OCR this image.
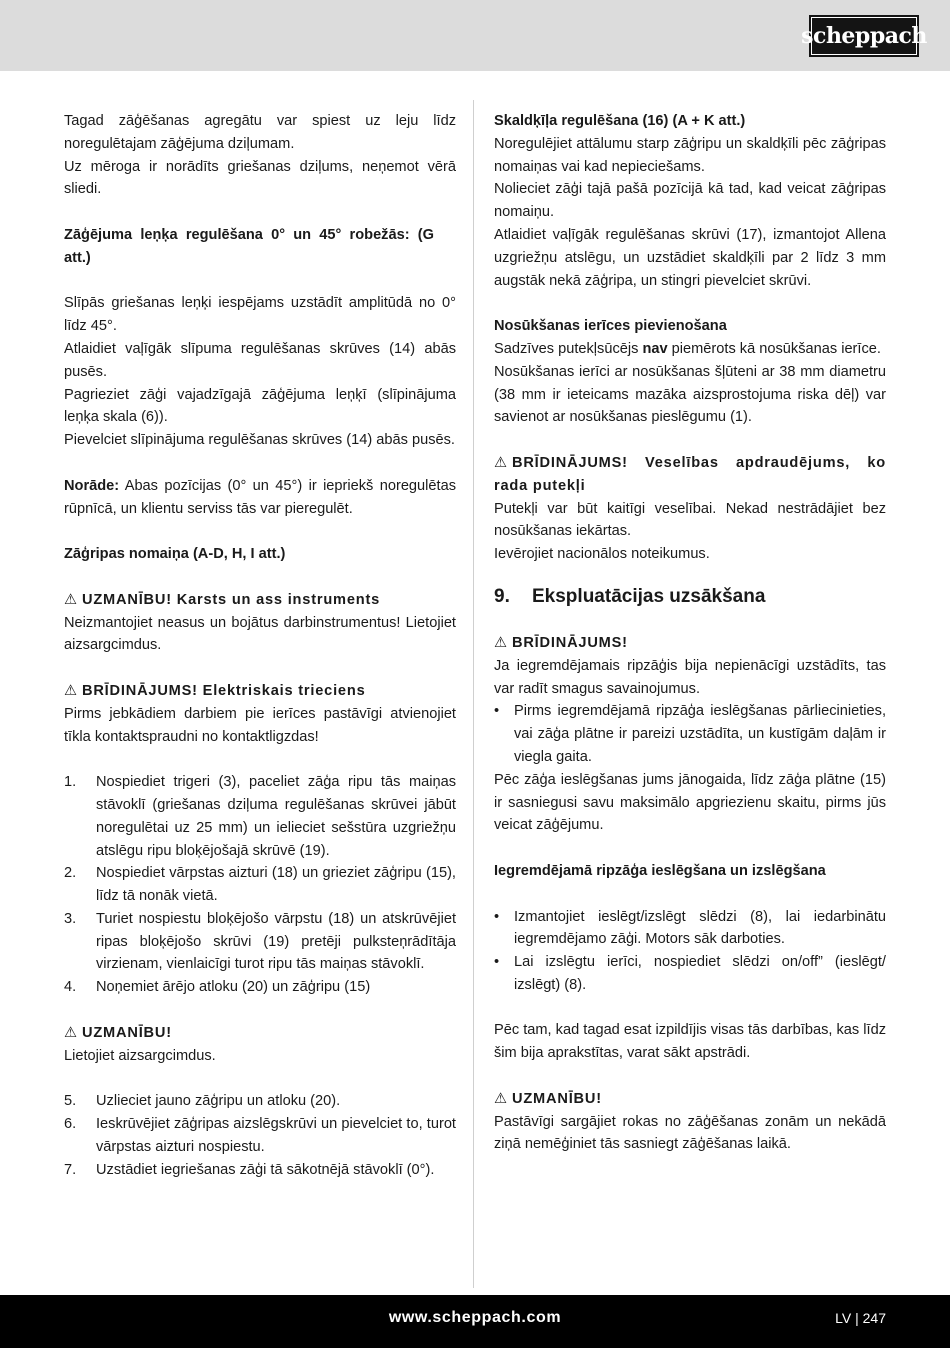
scheppach

Tagad zāģēšanas agregātu var spiest uz leju līdz noregulētajam zāģējuma dziļumam.

Uz mēroga ir norādīts griešanas dziļums, neņemot vērā sliedi.

Zāģējuma leņķa regulēšana 0° un 45° robežās: (G att.)

Slīpās griešanas leņķi iespējams uzstādīt amplitūdā no 0° līdz 45°.

Atlaidiet vaļīgāk slīpuma regulēšanas skrūves (14) abās pusēs.

Pagrieziet zāģi vajadzīgajā zāģējuma leņķī (slīpinājuma leņķa skala (6)).

Pievelciet slīpinājuma regulēšanas skrūves (14) abās pusēs.

Norāde: Abas pozīcijas (0° un 45°) ir iepriekš noregulētas rūpnīcā, un klientu serviss tās var pieregulēt.

Zāģripas nomaiņa (A-D, H, I att.)

⚠ UZMANĪBU! Karsts un ass instruments

Neizmantojiet neasus un bojātus darbinstrumentus! Lietojiet aizsargcimdus.

⚠ BRĪDINĀJUMS! Elektriskais trieciens

Pirms jebkādiem darbiem pie ierīces pastāvīgi atvienojiet tīkla kontaktspraudni no kontaktligzdas!

1.	Nospiediet trigeri (3), paceliet zāģa ripu tās maiņas stāvoklī (griešanas dziļuma regulēšanas skrūvei jābūt noregulētai uz 25 mm) un ielieciet sešstūra uzgriežņu atslēgu ripu bloķējošajā skrūvē (19).
2.	Nospiediet vārpstas aizturi (18) un grieziet zāģripu (15), līdz tā nonāk vietā.
3.	Turiet nospiestu bloķējošo vārpstu (18) un atskrūvējiet ripas bloķējošo skrūvi (19) pretēji pulksteņrādītāja virzienam, vienlaicīgi turot ripu tās maiņas stāvoklī.
4.	Noņemiet ārējo atloku (20) un zāģripu (15)

⚠ UZMANĪBU!

Lietojiet aizsargcimdus.

5.	Uzlieciet jauno zāģripu un atloku (20).
6.	Ieskrūvējiet zāģripas aizslēgskrūvi un pievelciet to, turot vārpstas aizturi nospiestu.
7.	Uzstādiet iegriešanas zāģi tā sākotnējā stāvoklī (0°).

Skaldķīļa regulēšana (16) (A + K att.)

Noregulējiet attālumu starp zāģripu un skaldķīli pēc zāģripas nomaiņas vai kad nepieciešams.

Nolieciet zāģi tajā pašā pozīcijā kā tad, kad veicat zāģripas nomaiņu.

Atlaidiet vaļīgāk regulēšanas skrūvi (17), izmantojot Allena uzgriežņu atslēgu, un uzstādiet skaldķīli par 2 līdz 3 mm augstāk nekā zāģripa, un stingri pievelciet skrūvi.

Nosūkšanas ierīces pievienošana

Sadzīves putekļsūcējs nav piemērots kā nosūkšanas ierīce.

Nosūkšanas ierīci ar nosūkšanas šļūteni ar 38 mm diametru (38 mm ir ieteicams mazāka aizsprostojuma riska dēļ) var savienot ar nosūkšanas pieslēgumu (1).

⚠ BRĪDINĀJUMS! Veselības apdraudējums, ko rada putekļi

Putekļi var būt kaitīgi veselībai. Nekad nestrādājiet bez nosūkšanas iekārtas.

Ievērojiet nacionālos noteikumus.

9.	Ekspluatācijas uzsākšana

⚠ BRĪDINĀJUMS!

Ja iegremdējamais ripzāģis bija nepienācīgi uzstādīts, tas var radīt smagus savainojumus.

•	Pirms iegremdējamā ripzāģa ieslēgšanas pārliecinieties, vai zāģa plātne ir pareizi uzstādīta, un kustīgām daļām ir viegla gaita.

Pēc zāģa ieslēgšanas jums jānogaida, līdz zāģa plātne (15) ir sasniegusi savu maksimālo apgriezienu skaitu, pirms jūs veicat zāģējumu.

Iegremdējamā ripzāģa ieslēgšana un izslēgšana

•	Izmantojiet ieslēgt/izslēgt slēdzi (8), lai iedarbinātu iegremdējamo zāģi. Motors sāk darboties.
•	Lai izslēgtu ierīci, nospiediet slēdzi on/off” (ieslēgt/ izslēgt) (8).

Pēc tam, kad tagad esat izpildījis visas tās darbības, kas līdz šim bija aprakstītas, varat sākt apstrādi.

⚠ UZMANĪBU!

Pastāvīgi sargājiet rokas no zāģēšanas zonām un nekādā ziņā nemēģiniet tās sasniegt zāģēšanas laikā.

www.scheppach.com	LV | 247
